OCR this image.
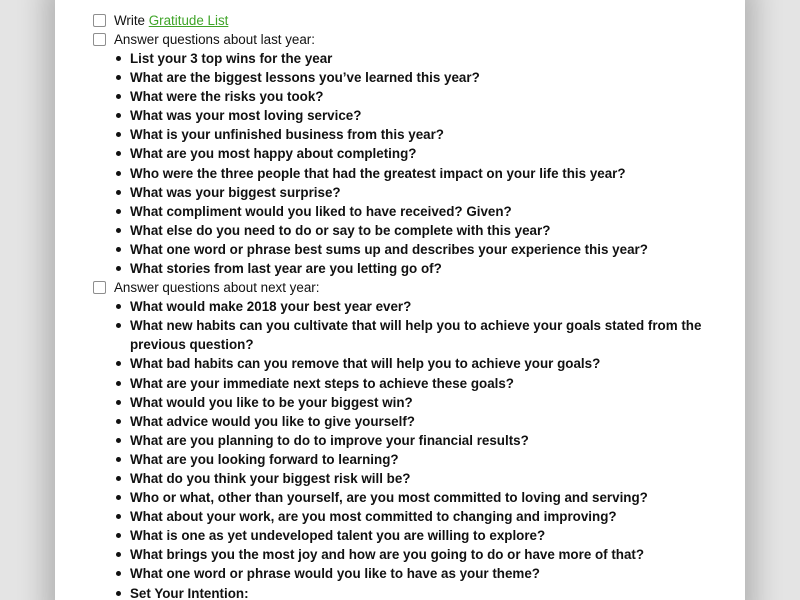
Write Gratitude List
Answer questions about last year:
List your 3 top wins for the year
What are the biggest lessons you’ve learned this year?
What were the risks you took?
What was your most loving service?
What is your unfinished business from this year?
What are you most happy about completing?
Who were the three people that had the greatest impact on your life this year?
What was your biggest surprise?
What compliment would you liked to have received? Given?
What else do you need to do or say to be complete with this year?
What one word or phrase best sums up and describes your experience this year?
What stories from last year are you letting go of?
Answer questions about next year:
What would make 2018 your best year ever?
What new habits can you cultivate that will help you to achieve your goals stated from the previous question?
What bad habits can you remove that will help you to achieve your goals?
What are your immediate next steps to achieve these goals?
What would you like to be your biggest win?
What advice would you like to give yourself?
What are you planning to do to improve your financial results?
What are you looking forward to learning?
What do you think your biggest risk will be?
Who or what, other than yourself, are you most committed to loving and serving?
What about your work, are you most committed to changing and improving?
What is one as yet undeveloped talent you are willing to explore?
What brings you the most joy and how are you going to do or have more of that?
What one word or phrase would you like to have as your theme?
Set Your Intention:
